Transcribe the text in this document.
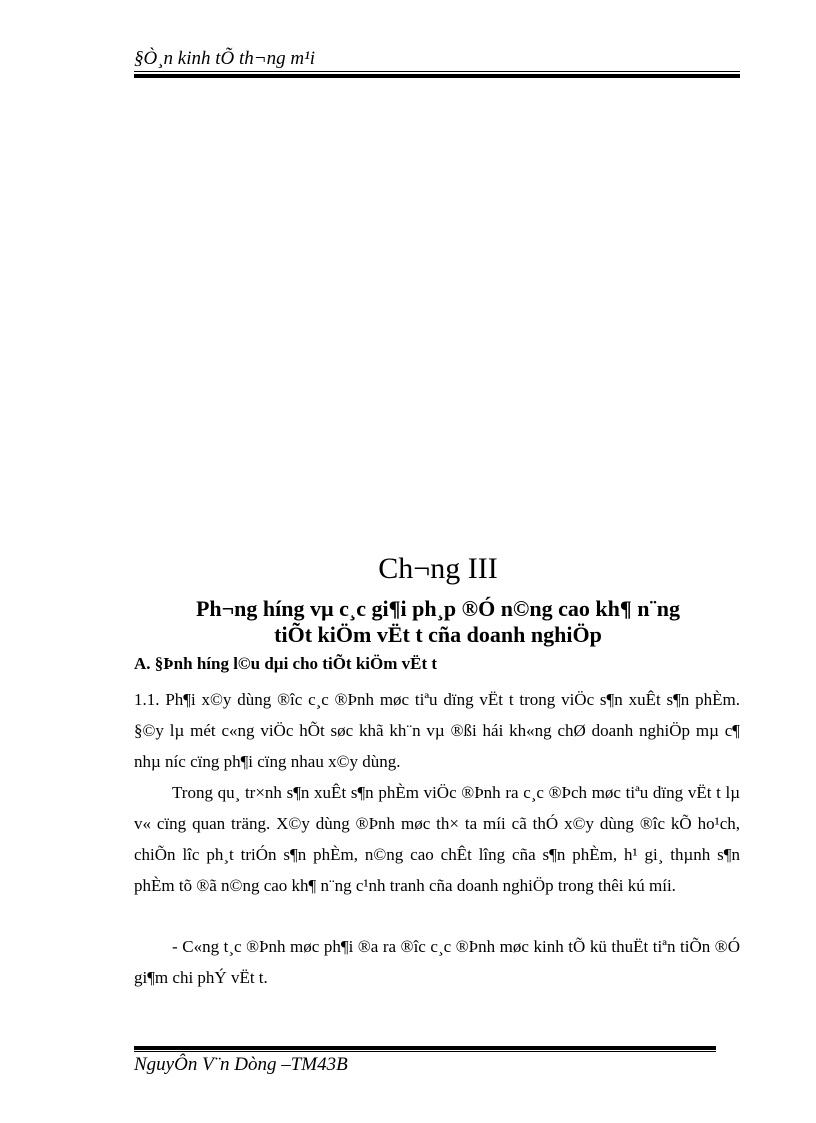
§Ò¸n kinh tÕ th¬ng m¹i
Ch¬ng III
Ph¬ng híng vµ c¸c gi¶i ph¸p ®Ó n©ng cao kh¶ n¨ng
tiÕt kiÖm vËt t cña doanh nghiÖp
A. §Þnh híng l©u dµi cho tiÕt kiÖm vËt t
1.1. Ph¶i x©y dùng ®îc c¸c ®Þnh møc tiªu dïng vËt t trong viÖc s¶n xuÊt s¶n phÈm. §©y lµ mét c«ng viÖc hÕt søc khã kh¨n vµ ®ßi hái kh«ng chØ doanh nghiÖp mµ c¶ nhµ níc cïng ph¶i cïng nhau x©y dùng.
Trong qu¸ tr×nh s¶n xuÊt s¶n phÈm viÖc ®Þnh ra c¸c ®Þch møc tiªu dïng vËt t lµ v« cïng quan träng. X©y dùng ®Þnh møc th× ta míi cã thÓ x©y dùng ®îc kÕ ho¹ch, chiÕn lîc ph¸t triÓn s¶n phÈm, n©ng cao chÊt lîng cña s¶n phÈm, h¹ gi¸ thµnh s¶n phÈm tõ ®ã n©ng cao kh¶ n¨ng c¹nh tranh cña doanh nghiÖp trong thêi kú míi.
- C«ng t¸c ®Þnh møc ph¶i ®a ra ®îc c¸c ®Þnh møc kinh tÕ kü thuËt tiªn tiÕn ®Ó gi¶m chi phÝ vËt t.
NguyÔn V¨n Dòng –TM43B
